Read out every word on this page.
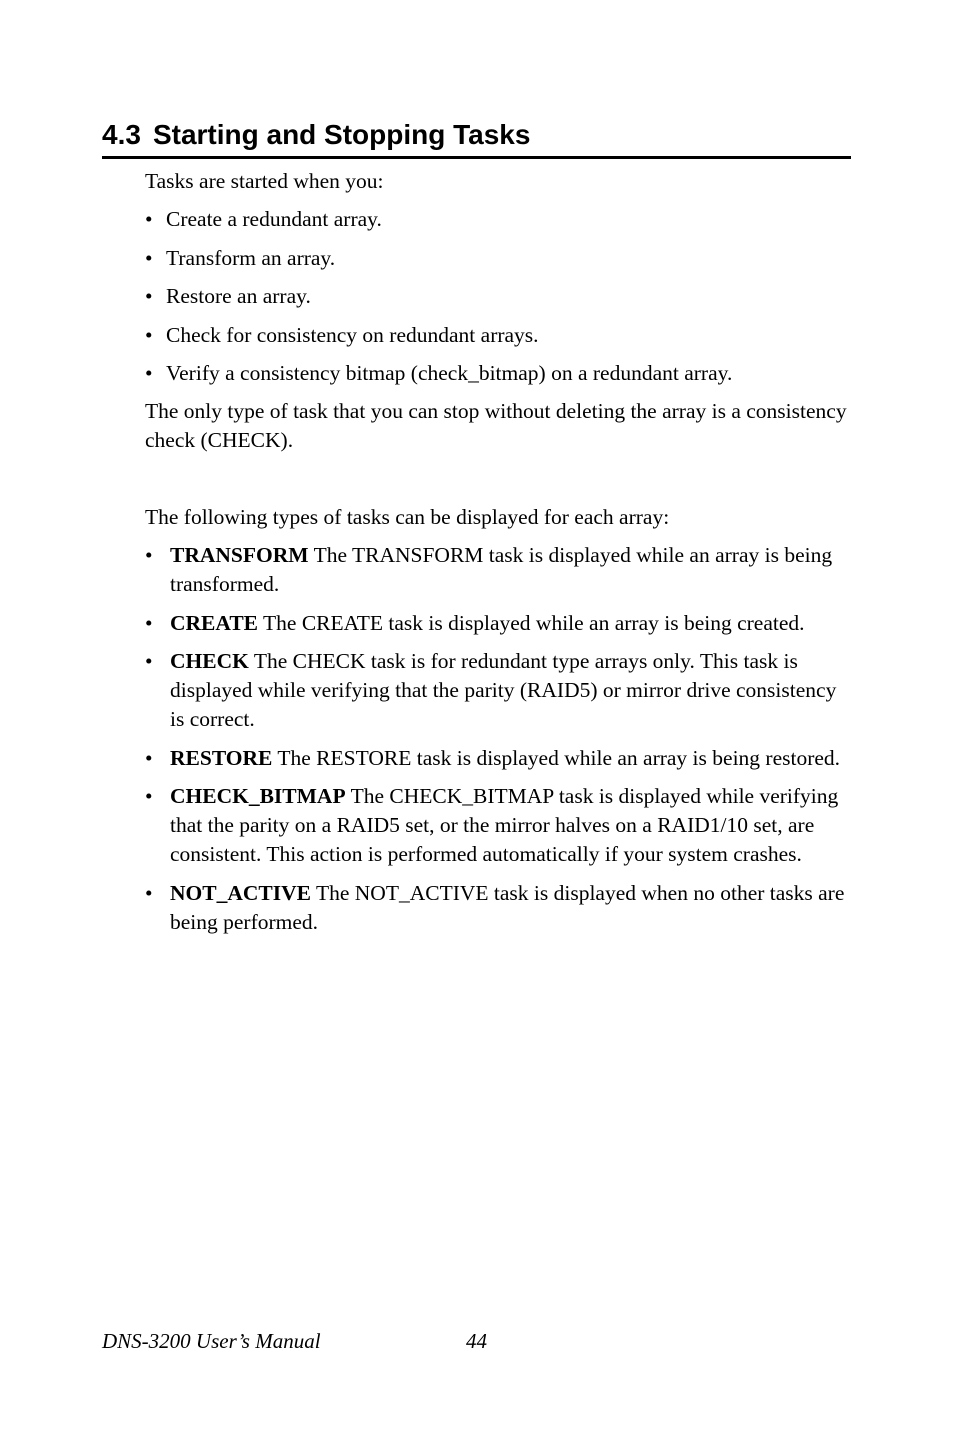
4.3 Starting and Stopping Tasks

Tasks are started when you:

• Create a redundant array.
• Transform an array.
• Restore an array.
• Check for consistency on redundant arrays.
• Verify a consistency bitmap (check_bitmap) on a redundant array.

The only type of task that you can stop without deleting the array is a consistency check (CHECK).

The following types of tasks can be displayed for each array:

• TRANSFORM The TRANSFORM task is displayed while an array is being transformed.
• CREATE The CREATE task is displayed while an array is being created.
• CHECK The CHECK task is for redundant type arrays only. This task is displayed while verifying that the parity (RAID5) or mirror drive consistency is correct.
• RESTORE The RESTORE task is displayed while an array is being restored.
• CHECK_BITMAP The CHECK_BITMAP task is displayed while verifying that the parity on a RAID5 set, or the mirror halves on a RAID1/10 set, are consistent. This action is performed automatically if your system crashes.
• NOT_ACTIVE The NOT_ACTIVE task is displayed when no other tasks are being performed.
DNS-3200 User’s Manual	44
